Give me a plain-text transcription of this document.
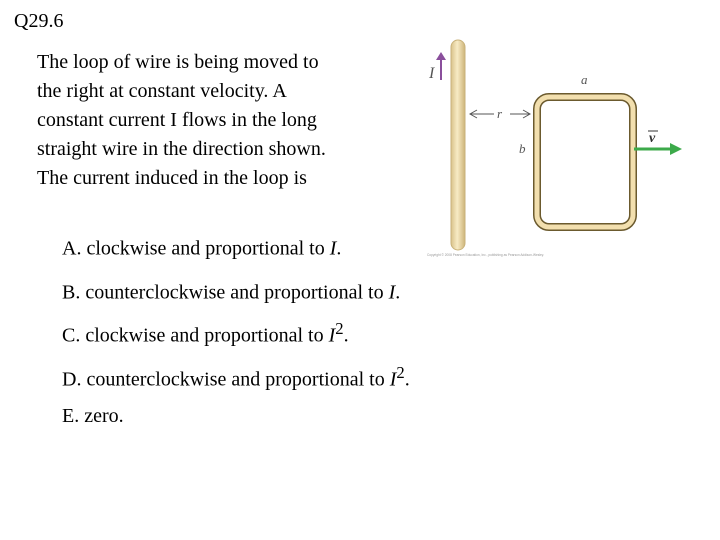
Q29.6
The loop of wire is being moved to
the right at constant velocity. A
constant current I flows in the long
straight wire in the direction shown.
The current induced in the loop is
A. clockwise and proportional to I.
B. counterclockwise and proportional to I.
C. clockwise and proportional to $I^2$.
D. counterclockwise and proportional to $I^2$.
E. zero.
I
r
a
b
v
Copyright © 2008 Pearson Education, Inc., publishing as Pearson Addison-Wesley.
